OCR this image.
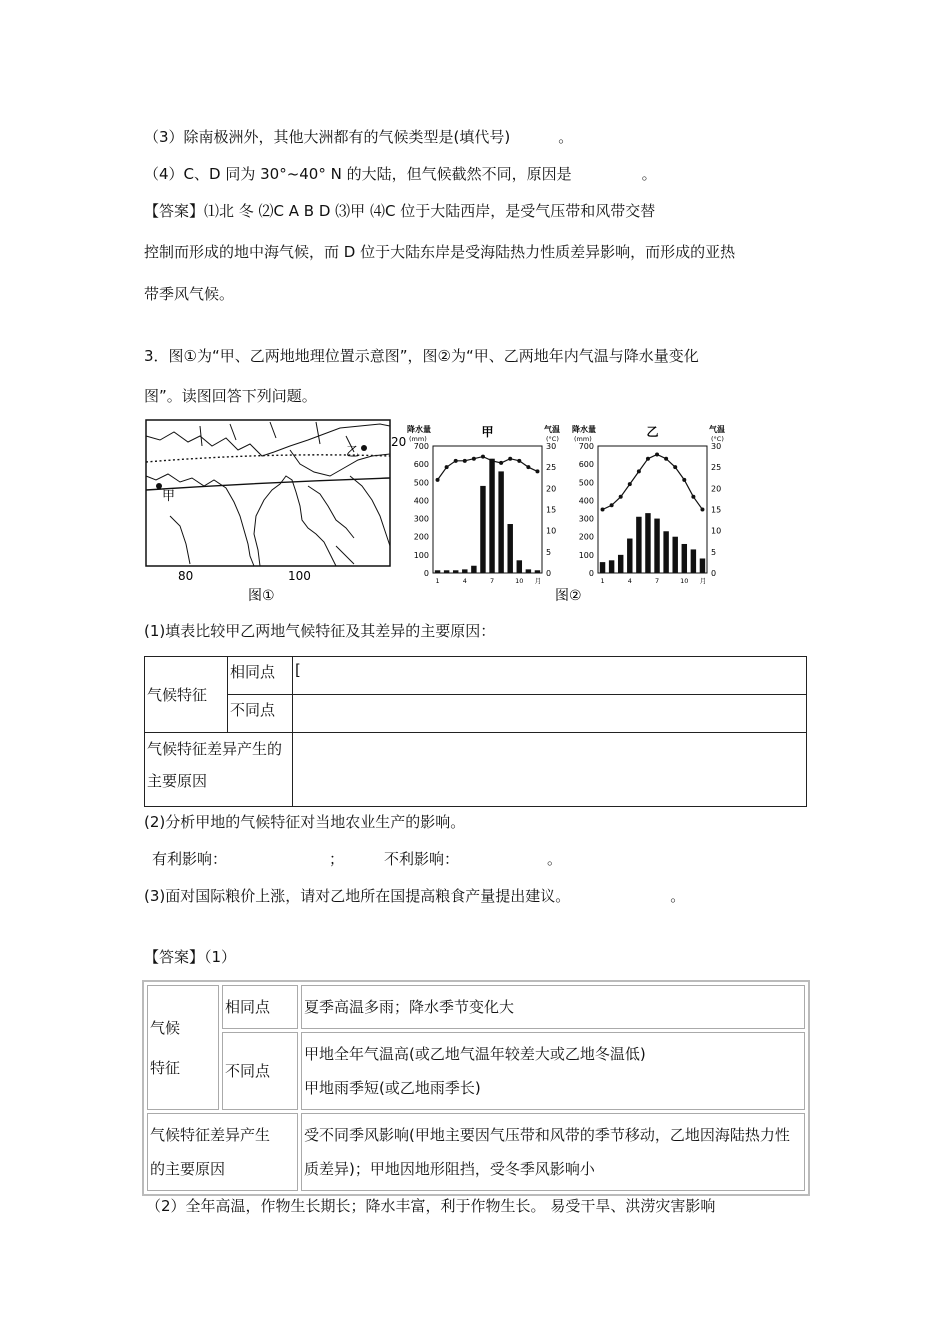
（3）除南极洲外，其他大洲都有的气候类型是(填代号)	。
（4）C、D 同为 30°~40° N 的大陆，但气候截然不同，原因是	。
【答案】⑴北 冬 ⑵C A B D ⑶甲 ⑷C 位于大陆西岸，是受气压带和风带交替
控制而形成的地中海气候，而 D 位于大陆东岸是受海陆热力性质差异影响，而形成的亚热
带季风气候。
3．图①为“甲、乙两地地理位置示意图”，图②为“甲、乙两地年内气温与降水量变化
图”。读图回答下列问题。
甲
乙
20
80	100
图①	图②
降水量
(mm)
气温
(°C)
甲
0
100
200
300
400
500
600
700
0
5
10
15
20
25
30
1	4	7	10 月
降水量
(mm)
气温
(°C)
乙
0
100
200
300
400
500
600
700
0
5
10
15
20
25
30
1	4	7	10 月
(1)填表比较甲乙两地气候特征及其差异的主要原因：
气候特征	相同点	[
	不同点	
气候特征差异产生的主要原因		
(2)分析甲地的气候特征对当地农业生产的影响。
有利影响：	；	不利影响：	。
(3)面对国际粮价上涨，请对乙地所在国提高粮食产量提出建议。	。
【答案】（1）
气候
特征	相同点	夏季高温多雨；降水季节变化大
	不同点	甲地全年气温高(或乙地气温年较差大或乙地冬温低)
甲地雨季短(或乙地雨季长)

气候特征差异产生
的主要原因		受不同季风影响(甲地主要因气压带和风带的季节移动，乙地因海陆热力性质差异)；甲地因地形阻挡，受冬季风影响小
（2）全年高温，作物生长期长；降水丰富，利于作物生长。 易受干旱、洪涝灾害影响
